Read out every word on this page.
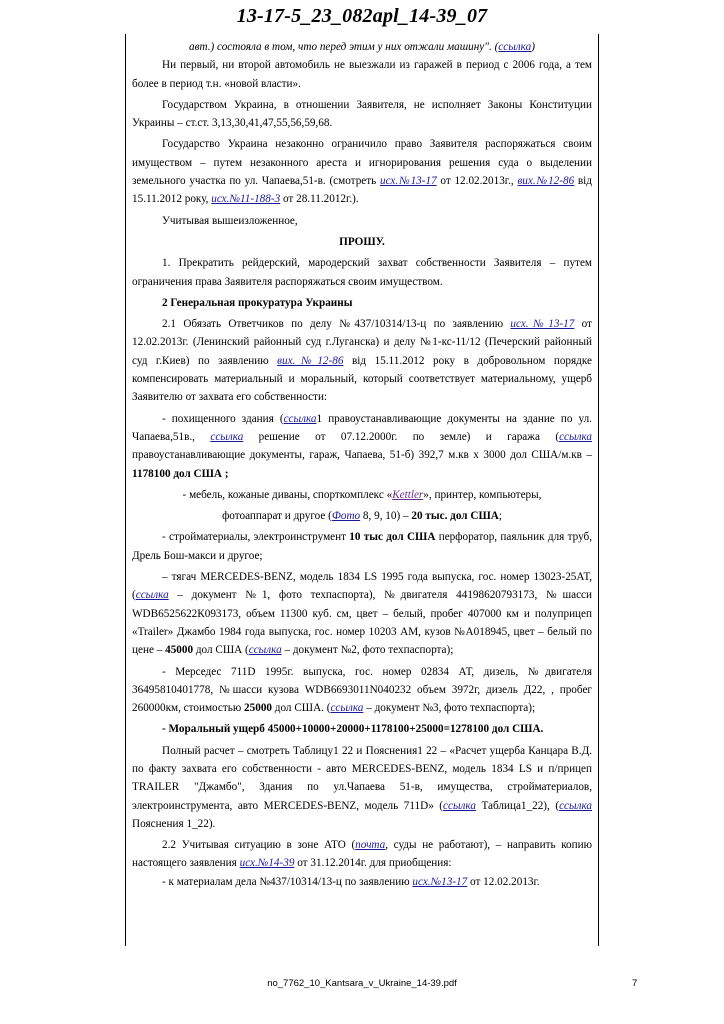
13-17-5_23_082apl_14-39_07

авт.) состояла в том, что перед этим у них отжали машину". (ссылка)

Ни первый, ни второй автомобиль не выезжали из гаражей в период с 2006 года, а тем более в период т.н. «новой власти».

Государством Украина, в отношении Заявителя, не исполняет Законы Конституции Украины – ст.ст. 3,13,30,41,47,55,56,59,68.

Государство Украина незаконно ограничило право Заявителя распоряжаться своим имуществом – путем незаконного ареста и игнорирования решения суда о выделении земельного участка по ул. Чапаева,51-в. (смотреть исх.№13-17 от 12.02.2013г., вих.№12-86 від 15.11.2012 року, исх.№11-188-3 от 28.11.2012г.).

Учитывая вышеизложенное,

ПРОШУ.

1. Прекратить рейдерский, мародерский захват собственности Заявителя – путем ограничения права Заявителя распоряжаться своим имуществом.

2 Генеральная прокуратура Украины

2.1 Обязать Ответчиков по делу №437/10314/13-ц по заявлению исх.№13-17 от 12.02.2013г. (Ленинский районный суд г.Луганска) и делу №1-кс-11/12 (Печерский районный суд г.Киев) по заявлению вих.№12-86 від 15.11.2012 року в добровольном порядке компенсировать материальный и моральный, который соответствует материальному, ущерб Заявителю от захвата его собственности:

- похищенного здания (ссылка1 правоустанавливающие документы на здание по ул. Чапаева,51в., ссылка решение от 07.12.2000г. по земле) и гаража (ссылка правоустанавливающие документы, гараж, Чапаева, 51-б) 392,7 м.кв х 3000 дол США/м.кв – 1178100 дол США ;

- мебель, кожаные диваны, спорткомплекс «Kettler», принтер, компьютеры,

фотоаппарат и другое (Фото 8, 9, 10) – 20 тыс. дол США;

- стройматериалы, электроинструмент 10 тыс дол США перфоратор, паяльник для труб, Дрель Бош-макси и другое;

– тягач MERCEDES-BENZ, модель 1834 LS 1995 года выпуска, гос. номер 13023-25АТ, (ссылка – документ №1, фото техпаспорта), №двигателя 44198620793173, №шасси WDB6525622К093173, объем 11300 куб. см, цвет – белый, пробег 407000 км и полуприцеп «Trailer» Джамбо 1984 года выпуска, гос. номер 10203 АМ, кузов №А018945, цвет – белый по цене – 45000 дол США (ссылка – документ №2, фото техпаспорта);

- Мерседес 711D 1995г. выпуска, гос. номер 02834 АТ, дизель, №двигателя 36495810401778, №шасси кузова WDB6693011N040232 объем 3972г, дизель Д22, , пробег 260000км, стоимостью 25000 дол США. (ссылка – документ №3, фото техпаспорта);

- Моральный ущерб 45000+10000+20000+1178100+25000=1278100 дол США.

Полный расчет – смотреть Таблицу1 22 и Пояснения1 22 – «Расчет ущерба Канцара В.Д. по факту захвата его собственности - авто MERCEDES-BENZ, модель 1834 LS и п/прицеп TRAILER "Джамбо", Здания по ул.Чапаева 51-в, имущества, стройматериалов, электроинструмента, авто MERCEDES-BENZ, модель 711D» (ссылка Таблица1_22), (ссылка Пояснения 1_22).

2.2 Учитывая ситуацию в зоне АТО (почта, суды не работают), – направить копию настоящего заявления исх.№14-39 от 31.12.2014г. для приобщения:

- к материалам дела №437/10314/13-ц по заявлению исх.№13-17 от 12.02.2013г.

no_7762_10_Kantsara_v_Ukraine_14-39.pdf	7
